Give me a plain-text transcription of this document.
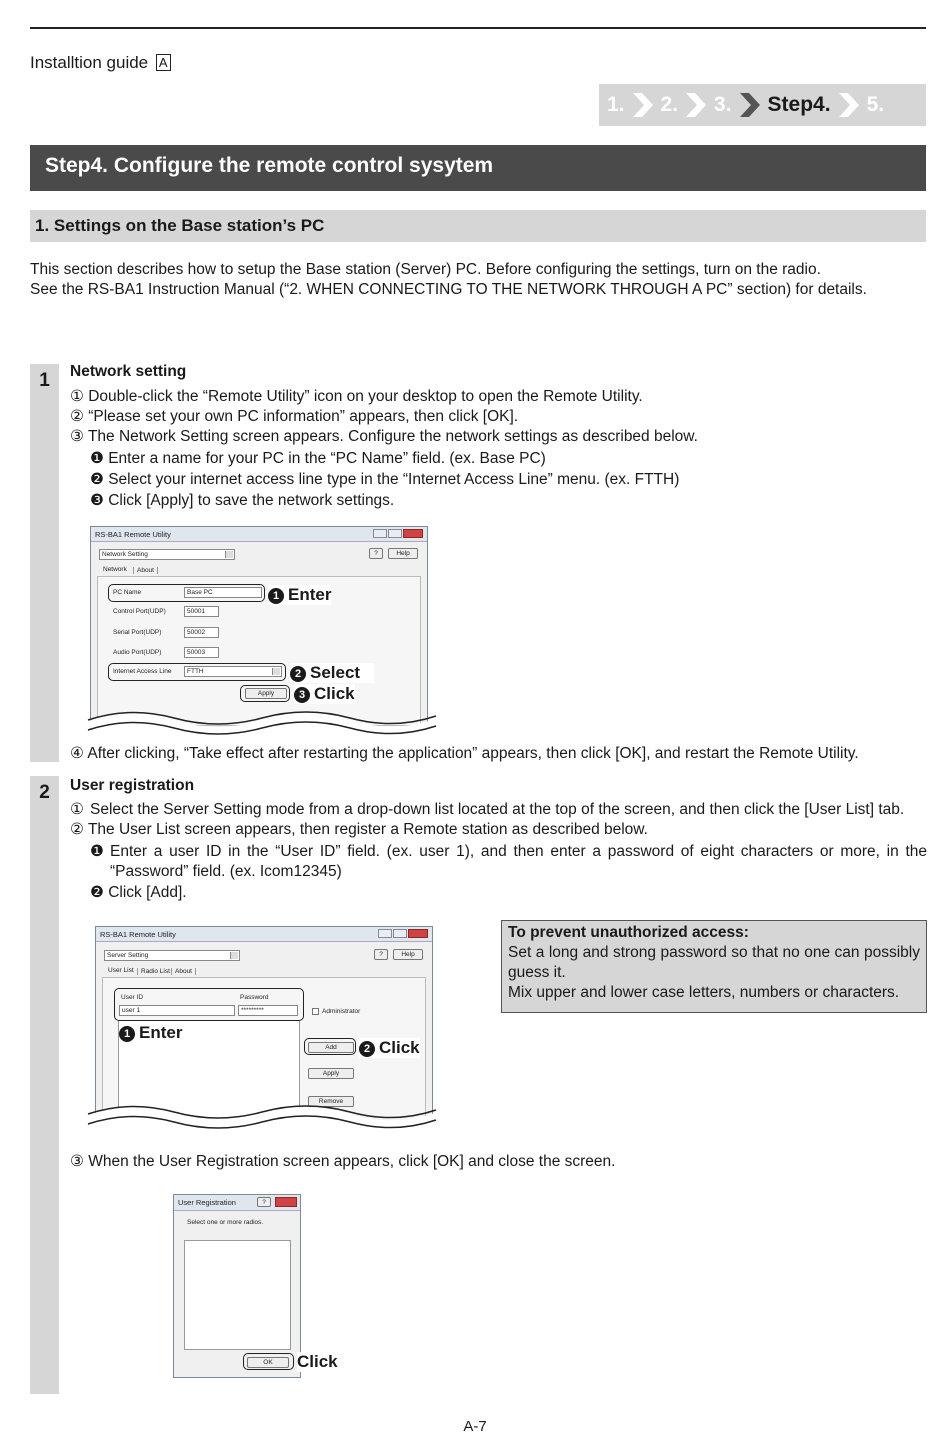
Installtion guide A
1. 2. 3. Step4. 5.
Step4. Configure the remote control sysytem
1. Settings on the Base station’s PC
This section describes how to setup the Base station (Server) PC. Before configuring the settings, turn on the radio.
See the RS-BA1 Instruction Manual (“2. WHEN CONNECTING TO THE NETWORK THROUGH A PC” section) for details.
1	Network setting
① Double-click the “Remote Utility” icon on your desktop to open the Remote Utility.
② “Please set your own PC information” appears, then click [OK].
③ The Network Setting screen appears. Configure the network settings as described below.
❶ Enter a name for your PC in the “PC Name” field. (ex. Base PC)
❷ Select your internet access line type in the “Internet Access Line” menu. (ex. FTTH)
❸ Click [Apply] to save the network settings.
RS-BA1 Remote Utility
Network Setting	?	Help
Network	About
PC Name	Base PC
Control Port(UDP)	50001
Serial Port(UDP)	50002
Audio Port(UDP)	50003
Internet Access Line	FTTH
Apply
1 Enter
2 Select
3 Click
④ After clicking, “Take effect after restarting the application” appears, then click [OK], and restart the Remote Utility.
2	User registration
① Select the Server Setting mode from a drop-down list located at the top of the screen, and then click the [User List] tab.
② The User List screen appears, then register a Remote station as described below.
❶ Enter a user ID in the “User ID” field. (ex. user 1), and then enter a password of eight characters or more, in the “Password” field. (ex. Icom12345)
❷ Click [Add].
RS-BA1 Remote Utility
Server Setting	?	Help
User List	Radio List About
User ID	Password
user 1	*********	Administrator
Add
Apply
Remove
1 Enter
2 Click
To prevent unauthorized access:
Set a long and strong password so that no one can possibly guess it.
Mix upper and lower case letters, numbers or characters.
③ When the User Registration screen appears, click [OK] and close the screen.
User Registration	?
Select one or more radios.
OK	Click
A-7
